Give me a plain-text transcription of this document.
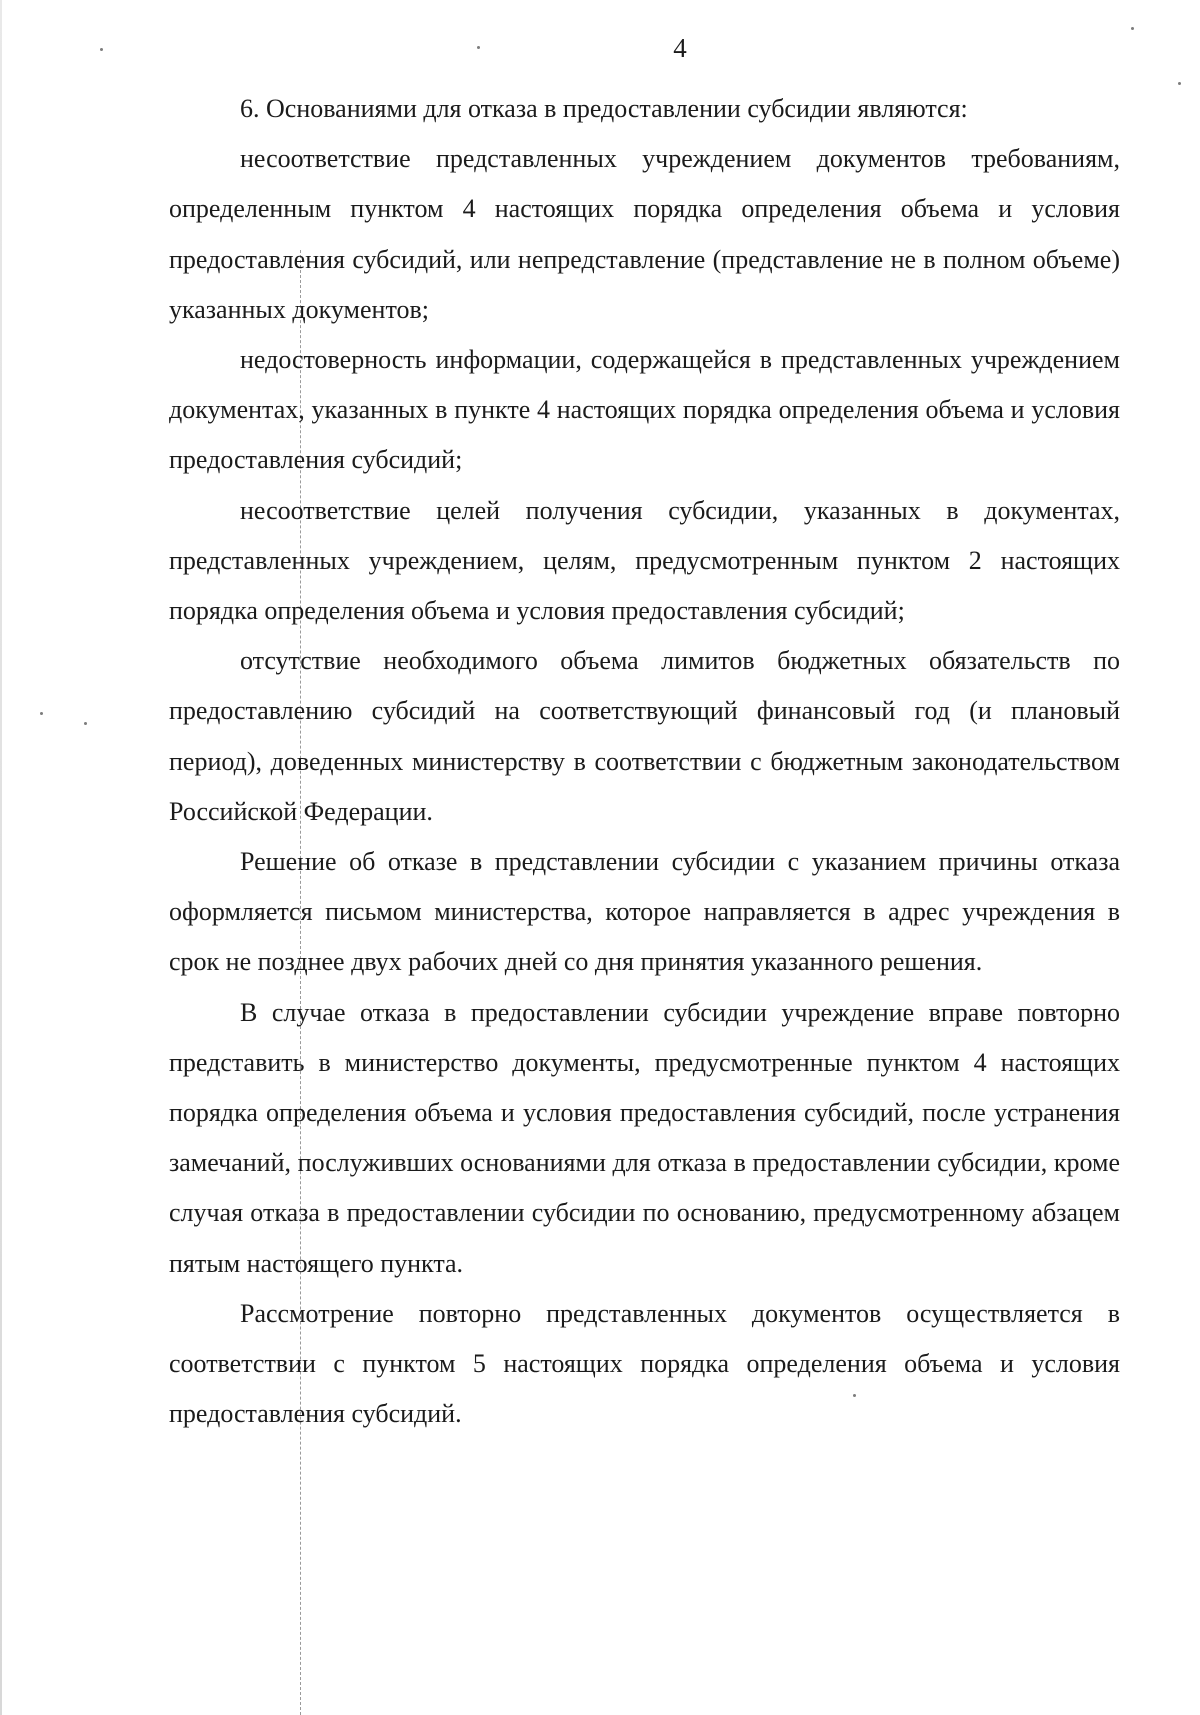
4

6. Основаниями для отказа в предоставлении субсидии являются:

несоответствие представленных учреждением документов требованиям, определенным пунктом 4 настоящих порядка определения объема и условия предоставления субсидий, или непредставление (представление не в полном объеме) указанных документов;

недостоверность информации, содержащейся в представленных учреждением документах, указанных в пункте 4 настоящих порядка определения объема и условия предоставления субсидий;

несоответствие целей получения субсидии, указанных в документах, представленных учреждением, целям, предусмотренным пунктом 2 настоящих порядка определения объема и условия предоставления субсидий;

отсутствие необходимого объема лимитов бюджетных обязательств по предоставлению субсидий на соответствующий финансовый год (и плановый период), доведенных министерству в соответствии с бюджетным законодательством Российской Федерации.

Решение об отказе в представлении субсидии с указанием причины отказа оформляется письмом министерства, которое направляется в адрес учреждения в срок не позднее двух рабочих дней со дня принятия указанного решения.

В случае отказа в предоставлении субсидии учреждение вправе повторно представить в министерство документы, предусмотренные пунктом 4 настоящих порядка определения объема и условия предоставления субсидий, после устранения замечаний, послуживших основаниями для отказа в предоставлении субсидии, кроме случая отказа в предоставлении субсидии по основанию, предусмотренному абзацем пятым настоящего пункта.

Рассмотрение повторно представленных документов осуществляется в соответствии с пунктом 5 настоящих порядка определения объема и условия предоставления субсидий.
